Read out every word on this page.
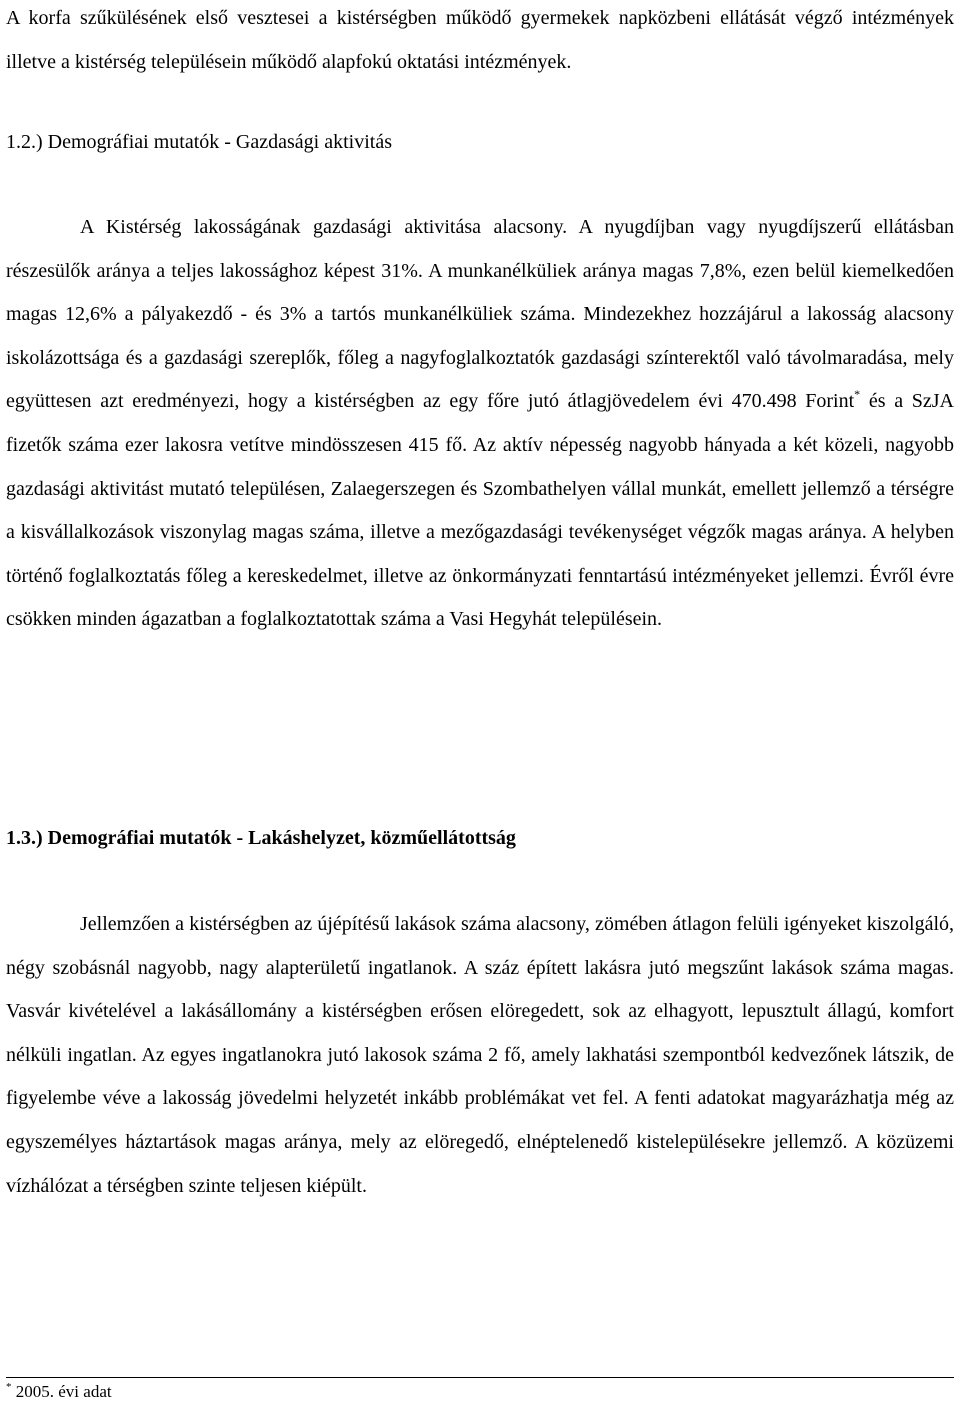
A korfa szűkülésének első vesztesei a kistérségben működő gyermekek napközbeni ellátását végző intézmények illetve a kistérség településein működő alapfokú oktatási intézmények.

1.2.) Demográfiai mutatók - Gazdasági aktivitás

A Kistérség lakosságának gazdasági aktivitása alacsony. A nyugdíjban vagy nyugdíjszerű ellátásban részesülők aránya a teljes lakossághoz képest 31%. A munkanélküliek aránya magas 7,8%, ezen belül kiemelkedően magas 12,6% a pályakezdő - és 3% a tartós munkanélküliek száma. Mindezekhez hozzájárul a lakosság alacsony iskolázottsága és a gazdasági szereplők, főleg a nagyfoglalkoztatók gazdasági színterektől való távolmaradása, mely együttesen azt eredményezi, hogy a kistérségben az egy főre jutó átlagjövedelem évi 470.498 Forint* és a SzJA fizetők száma ezer lakosra vetítve mindösszesen 415 fő. Az aktív népesség nagyobb hányada a két közeli, nagyobb gazdasági aktivitást mutató településen, Zalaegerszegen és Szombathelyen vállal munkát, emellett jellemző a térségre a kisvállalkozások viszonylag magas száma, illetve a mezőgazdasági tevékenységet végzők magas aránya. A helyben történő foglalkoztatás főleg a kereskedelmet, illetve az önkormányzati fenntartású intézményeket jellemzi. Évről évre csökken minden ágazatban a foglalkoztatottak száma a Vasi Hegyhát településein.

1.3.) Demográfiai mutatók - Lakáshelyzet, közműellátottság

Jellemzően a kistérségben az újépítésű lakások száma alacsony, zömében átlagon felüli igényeket kiszolgáló, négy szobásnál nagyobb, nagy alapterületű ingatlanok. A száz épített lakásra jutó megszűnt lakások száma magas. Vasvár kivételével a lakásállomány a kistérségben erősen elöregedett, sok az elhagyott, lepusztult állagú, komfort nélküli ingatlan. Az egyes ingatlanokra jutó lakosok száma 2 fő, amely lakhatási szempontból kedvezőnek látszik, de figyelembe véve a lakosság jövedelmi helyzetét inkább problémákat vet fel. A fenti adatokat magyarázhatja még az egyszemélyes háztartások magas aránya, mely az elöregedő, elnéptelenedő kistelepülésekre jellemző. A közüzemi vízhálózat a térségben szinte teljesen kiépült.

* 2005. évi adat
